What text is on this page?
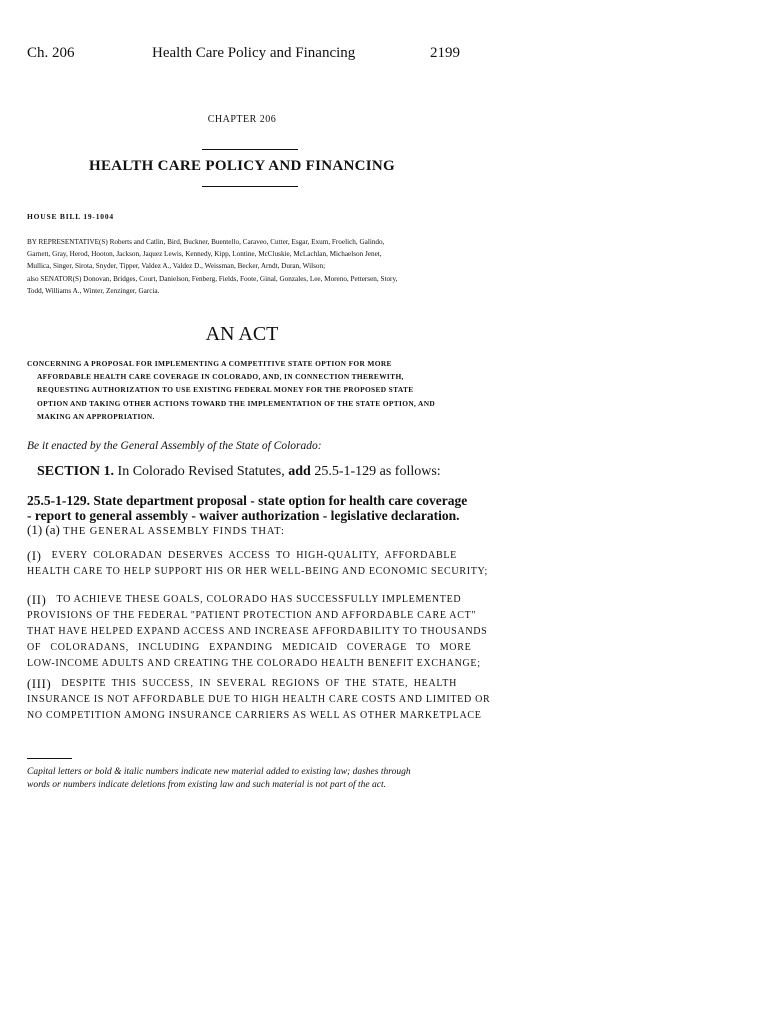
Ch. 206	Health Care Policy and Financing	2199
CHAPTER 206
HEALTH CARE POLICY AND FINANCING
HOUSE BILL 19-1004
BY REPRESENTATIVE(S) Roberts and Catlin, Bird, Buckner, Buentello, Caraveo, Cutter, Esgar, Exum, Froelich, Galindo,
Garnett, Gray, Herod, Hooton, Jackson, Jaquez Lewis, Kennedy, Kipp, Lontine, McCluskie, McLachlan, Michaelson Jenet,
Mullica, Singer, Sirota, Snyder, Tipper, Valdez A., Valdez D., Weissman, Becker, Arndt, Duran, Wilson;
also SENATOR(S) Donovan, Bridges, Court, Danielson, Fenberg, Fields, Foote, Ginal, Gonzales, Lee, Moreno, Pettersen, Story,
Todd, Williams A., Winter, Zenzinger, Garcia.
AN ACT
CONCERNING A PROPOSAL FOR IMPLEMENTING A COMPETITIVE STATE OPTION FOR MORE
AFFORDABLE HEALTH CARE COVERAGE IN COLORADO, AND, IN CONNECTION THEREWITH,
REQUESTING AUTHORIZATION TO USE EXISTING FEDERAL MONEY FOR THE PROPOSED STATE
OPTION AND TAKING OTHER ACTIONS TOWARD THE IMPLEMENTATION OF THE STATE OPTION, AND
MAKING AN APPROPRIATION.
Be it enacted by the General Assembly of the State of Colorado:
SECTION 1. In Colorado Revised Statutes, add 25.5-1-129 as follows:
25.5-1-129. State department proposal - state option for health care coverage
- report to general assembly - waiver authorization - legislative declaration.
(1) (a) THE GENERAL ASSEMBLY FINDS THAT:
(I) EVERY COLORADAN DESERVES ACCESS TO HIGH-QUALITY, AFFORDABLE
HEALTH CARE TO HELP SUPPORT HIS OR HER WELL-BEING AND ECONOMIC SECURITY;
(II) TO ACHIEVE THESE GOALS, COLORADO HAS SUCCESSFULLY IMPLEMENTED
PROVISIONS OF THE FEDERAL "PATIENT PROTECTION AND AFFORDABLE CARE ACT"
THAT HAVE HELPED EXPAND ACCESS AND INCREASE AFFORDABILITY TO THOUSANDS
OF COLORADANS, INCLUDING EXPANDING MEDICAID COVERAGE TO MORE
LOW-INCOME ADULTS AND CREATING THE COLORADO HEALTH BENEFIT EXCHANGE;
(III) DESPITE THIS SUCCESS, IN SEVERAL REGIONS OF THE STATE, HEALTH
INSURANCE IS NOT AFFORDABLE DUE TO HIGH HEALTH CARE COSTS AND LIMITED OR
NO COMPETITION AMONG INSURANCE CARRIERS AS WELL AS OTHER MARKETPLACE
Capital letters or bold & italic numbers indicate new material added to existing law; dashes through
words or numbers indicate deletions from existing law and such material is not part of the act.
